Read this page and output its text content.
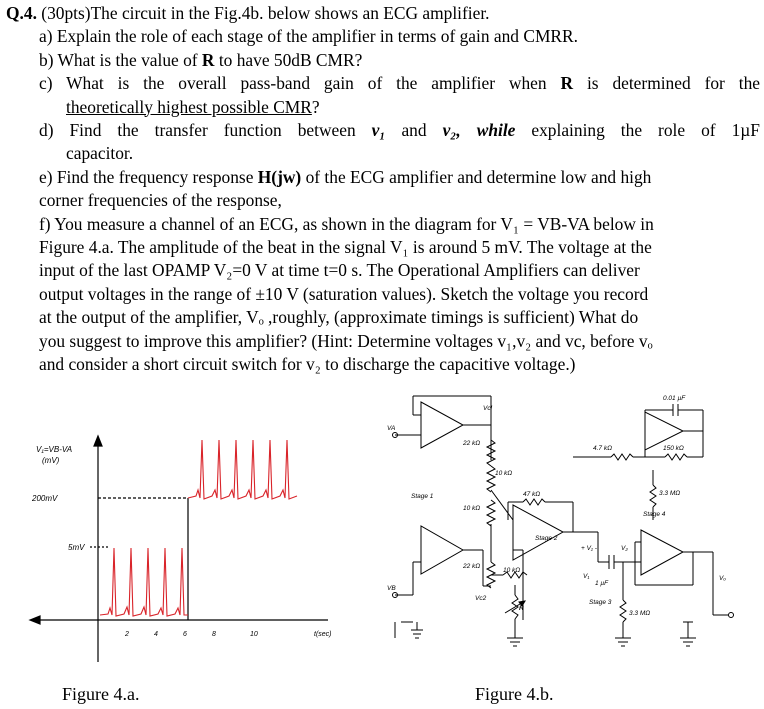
Q.4. (30pts)The circuit in the Fig.4b. below shows an ECG amplifier.

a) Explain the role of each stage of the amplifier in terms of gain and CMRR.

b) What is the value of R to have 50dB CMR?

c) What is the overall pass-band gain of the amplifier when R is determined for the

theoretically highest possible CMR?

d) Find the transfer function between v₁ and v₂, while explaining the role of 1µF

capacitor.

e) Find the frequency response H(jw) of the ECG amplifier and determine low and high

corner frequencies of the response,

f) You measure a channel of an ECG, as shown in the diagram for V₁ = VB-VA below in

Figure 4.a. The amplitude of the beat in the signal V₁ is around 5 mV. The voltage at the

input of the last OPAMP V₂=0 V at time t=0 s. The Operational Amplifiers can deliver

output voltages in the range of ±10 V (saturation values). Sketch the voltage you record

at the output of the amplifier, Vₒ ,roughly, (approximate timings is sufficient) What do

you suggest to improve this amplifier? (Hint: Determine voltages v₁,v₂ and vc, before vₒ

and consider a short circuit switch for v₂ to discharge the capacitive voltage.)

V₁=VB-VA
(mV)
200mV
5mV
2	4	6	8	10	t(sec)
Figure 4.a.
VA
VB
Vcl
Vc2
22 kΩ
10 kΩ
10 kΩ
22 kΩ
10 kΩ
4.7 kΩ
47 kΩ
150 kΩ
0.01 µF
3.3 MΩ
3.3 MΩ
1 µF
Stage 1
Stage 2
Stage 3
Stage 4
R
V₁
+ V₁ -	V₂
Vₒ
Figure 4.b.
